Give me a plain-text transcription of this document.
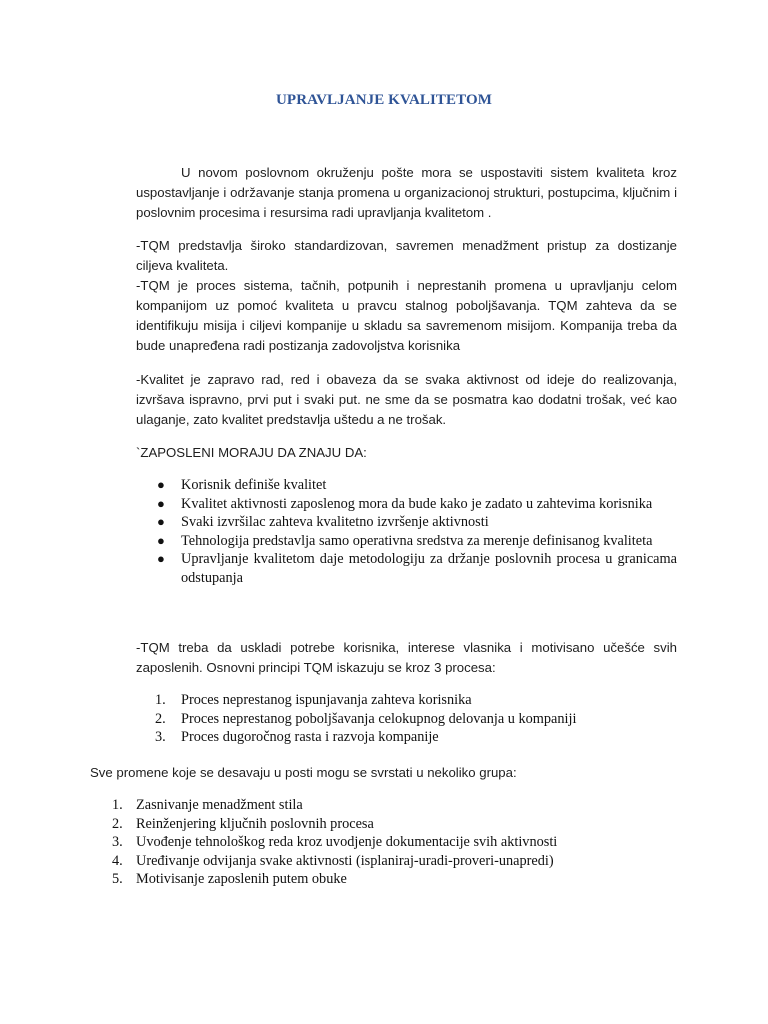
UPRAVLJANJE KVALITETOM
U novom poslovnom okruženju pošte mora se uspostaviti sistem kvaliteta kroz uspostavljanje i održavanje stanja promena u organizacionoj strukturi, postupcima, ključnim i poslovnim procesima i resursima radi upravljanja kvalitetom .
-TQM predstavlja široko standardizovan, savremen menadžment pristup za dostizanje ciljeva kvaliteta.
-TQM je proces sistema, tačnih, potpunih i neprestanih promena u upravljanju celom kompanijom uz pomoć kvaliteta u pravcu stalnog poboljšavanja. TQM zahteva da se identifikuju misija i ciljevi kompanije u skladu sa savremenom misijom. Kompanija treba da bude unapređena radi postizanja zadovoljstva korisnika
-Kvalitet je zapravo rad, red i obaveza da se svaka aktivnost od ideje do realizovanja, izvršava ispravno, prvi put i svaki put. ne sme da se posmatra kao dodatni trošak, već kao ulaganje, zato kvalitet predstavlja uštedu a ne trošak.
`ZAPOSLENI MORAJU DA ZNAJU DA:
● Korisnik definiše kvalitet
● Kvalitet aktivnosti zaposlenog mora da bude kako je zadato u zahtevima korisnika
● Svaki izvršilac zahteva kvalitetno izvršenje aktivnosti
● Tehnologija predstavlja samo operativna sredstva za merenje definisanog kvaliteta
● Upravljanje kvalitetom daje metodologiju za držanje poslovnih procesa u granicama odstupanja
-TQM treba da uskladi potrebe korisnika, interese vlasnika i motivisano učešće svih zaposlenih. Osnovni principi TQM iskazuju se kroz 3 procesa:
1.	Proces neprestanog ispunjavanja zahteva korisnika
2.	Proces neprestanog poboljšavanja celokupnog delovanja u kompaniji
3.	Proces dugoročnog rasta i razvoja kompanije
Sve promene koje se desavaju u posti mogu se svrstati u nekoliko grupa:
1. Zasnivanje menadžment stila
2. Reinženjering ključnih poslovnih procesa
3. Uvođenje tehnološkog reda kroz uvodjenje dokumentacije svih aktivnosti
4. Uređivanje odvijanja svake aktivnosti (isplaniraj-uradi-proveri-unapredi)
5. Motivisanje zaposlenih putem obuke
